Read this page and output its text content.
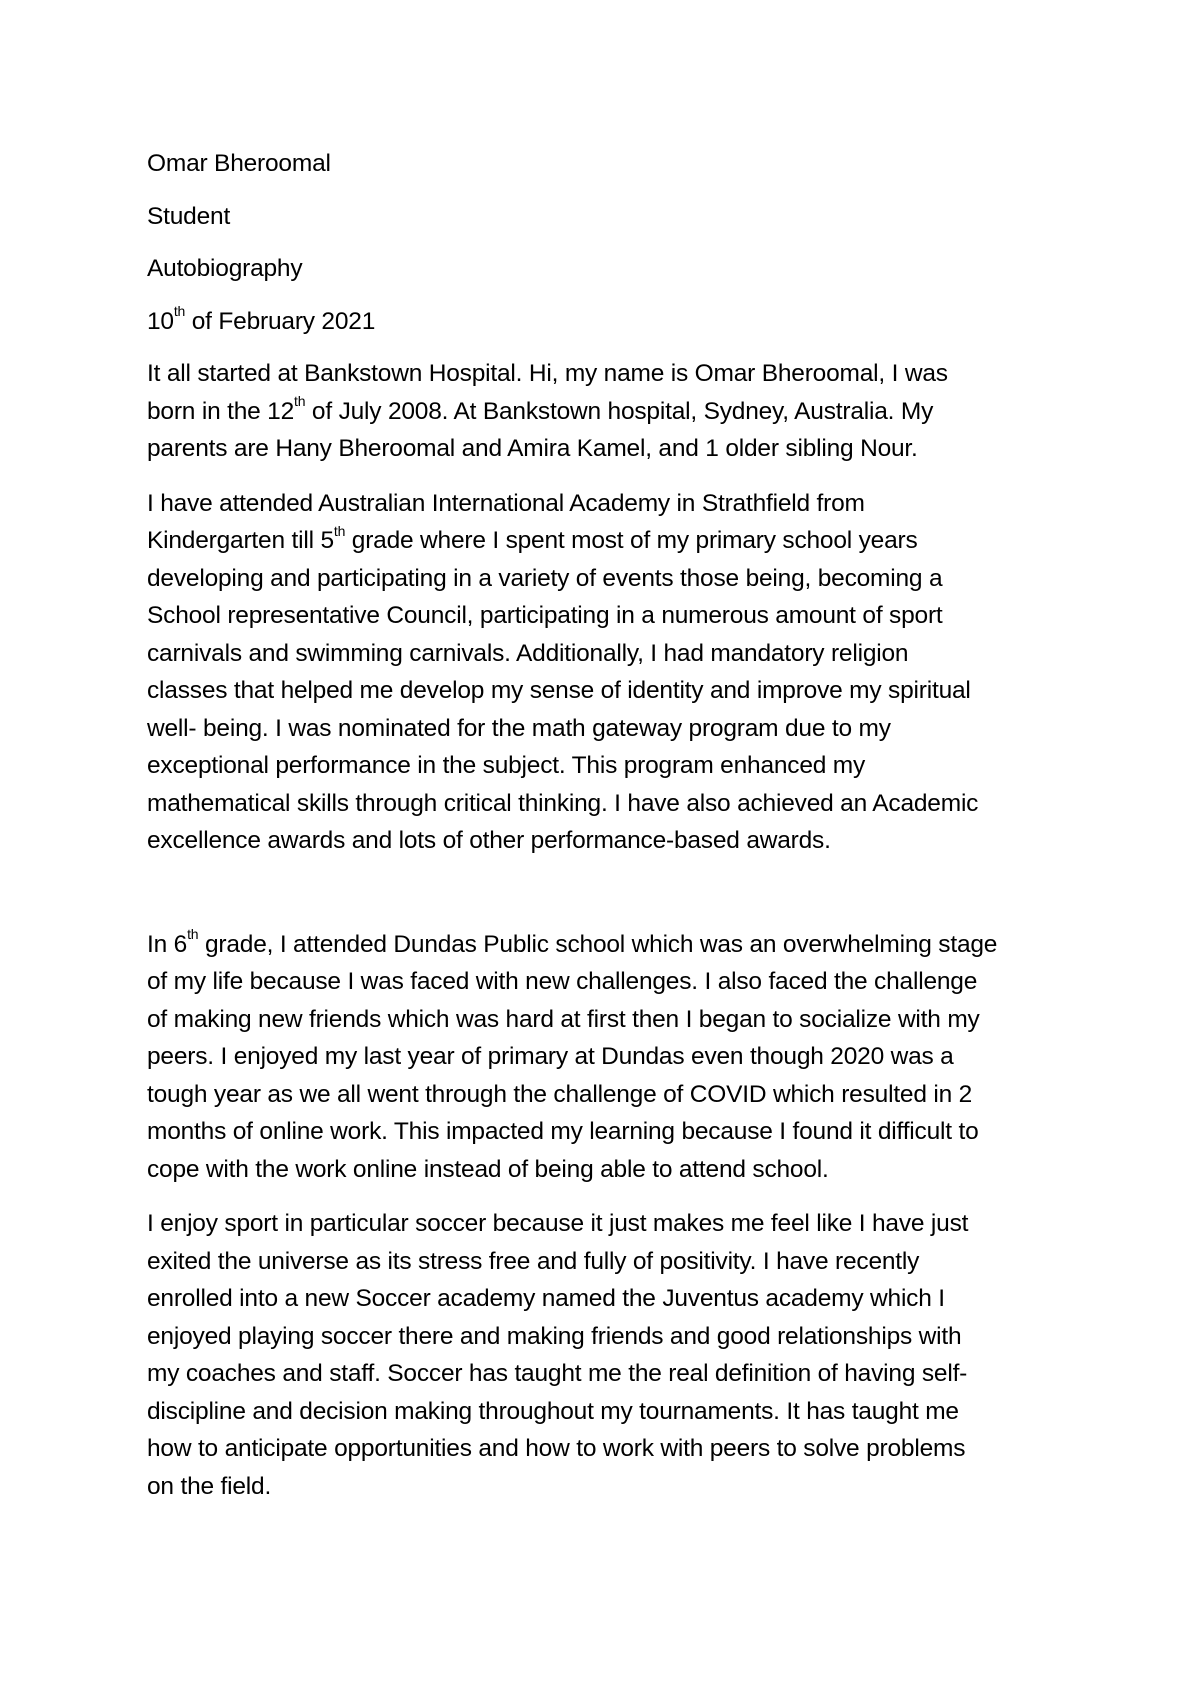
Omar Bheroomal
Student
Autobiography
10th of February 2021
It all started at Bankstown Hospital. Hi, my name is Omar Bheroomal, I was
born in the 12th of July 2008. At Bankstown hospital, Sydney, Australia. My
parents are Hany Bheroomal and Amira Kamel, and 1 older sibling Nour.
I have attended Australian International Academy in Strathfield from
Kindergarten till 5th grade where I spent most of my primary school years
developing and participating in a variety of events those being, becoming a
School representative Council, participating in a numerous amount of sport
carnivals and swimming carnivals. Additionally, I had mandatory religion
classes that helped me develop my sense of identity and improve my spiritual
well- being. I was nominated for the math gateway program due to my
exceptional performance in the subject. This program enhanced my
mathematical skills through critical thinking. I have also achieved an Academic
excellence awards and lots of other performance-based awards.
In 6th grade, I attended Dundas Public school which was an overwhelming stage
of my life because I was faced with new challenges. I also faced the challenge
of making new friends which was hard at first then I began to socialize with my
peers. I enjoyed my last year of primary at Dundas even though 2020 was a
tough year as we all went through the challenge of COVID which resulted in 2
months of online work. This impacted my learning because I found it difficult to
cope with the work online instead of being able to attend school.
I enjoy sport in particular soccer because it just makes me feel like I have just
exited the universe as its stress free and fully of positivity. I have recently
enrolled into a new Soccer academy named the Juventus academy which I
enjoyed playing soccer there and making friends and good relationships with
my coaches and staff. Soccer has taught me the real definition of having self-
discipline and decision making throughout my tournaments. It has taught me
how to anticipate opportunities and how to work with peers to solve problems
on the field.
